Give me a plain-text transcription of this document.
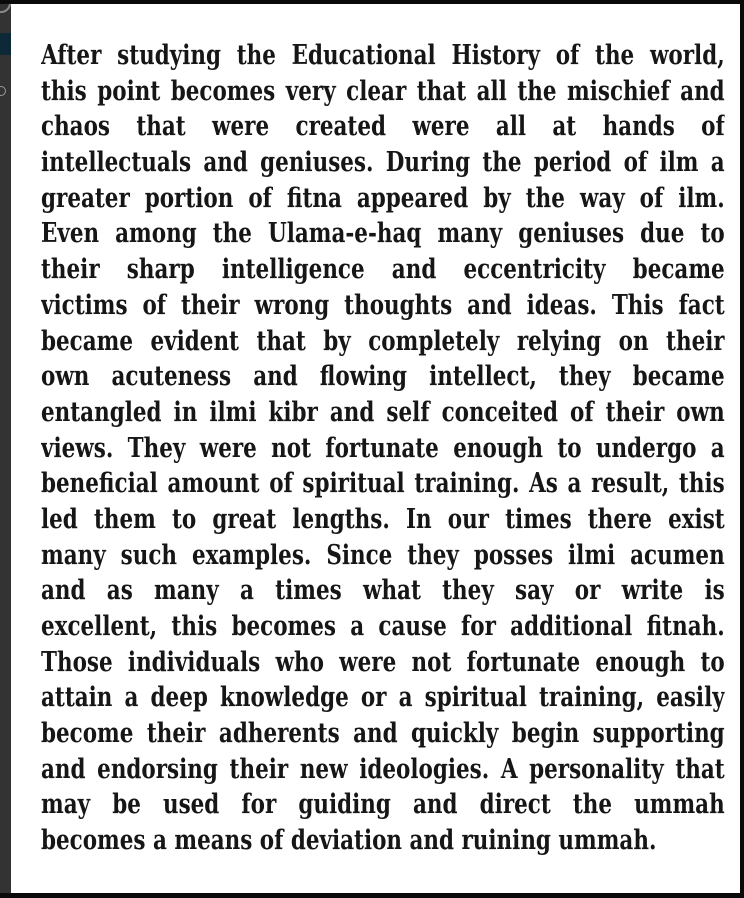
After studying the Educational History of the world,
this point becomes very clear that all the mischief and
chaos that were created were all at hands of
intellectuals and geniuses. During the period of ilm a
greater portion of fitna appeared by the way of ilm.
Even among the Ulama-e-haq many geniuses due to
their sharp intelligence and eccentricity became
victims of their wrong thoughts and ideas. This fact
became evident that by completely relying on their
own acuteness and flowing intellect, they became
entangled in ilmi kibr and self conceited of their own
views. They were not fortunate enough to undergo a
beneficial amount of spiritual training. As a result, this
led them to great lengths. In our times there exist
many such examples. Since they posses ilmi acumen
and as many a times what they say or write is
excellent, this becomes a cause for additional fitnah.
Those individuals who were not fortunate enough to
attain a deep knowledge or a spiritual training, easily
become their adherents and quickly begin supporting
and endorsing their new ideologies. A personality that
may be used for guiding and direct the ummah
becomes a means of deviation and ruining ummah.
